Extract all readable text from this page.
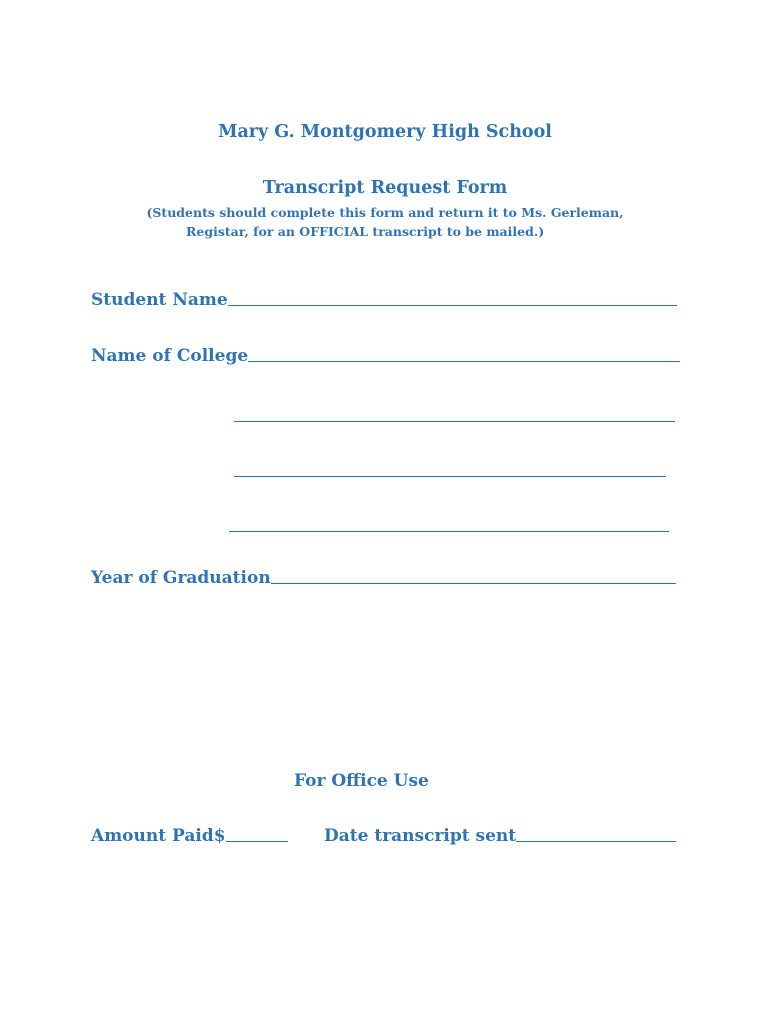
Mary G. Montgomery High School
Transcript Request Form
(Students should complete this form and return it to Ms. Gerleman,
Registar, for an OFFICIAL transcript to be mailed.)
Student Name
Name of College
Year of Graduation
For Office Use
Amount Paid$	Date transcript sent
